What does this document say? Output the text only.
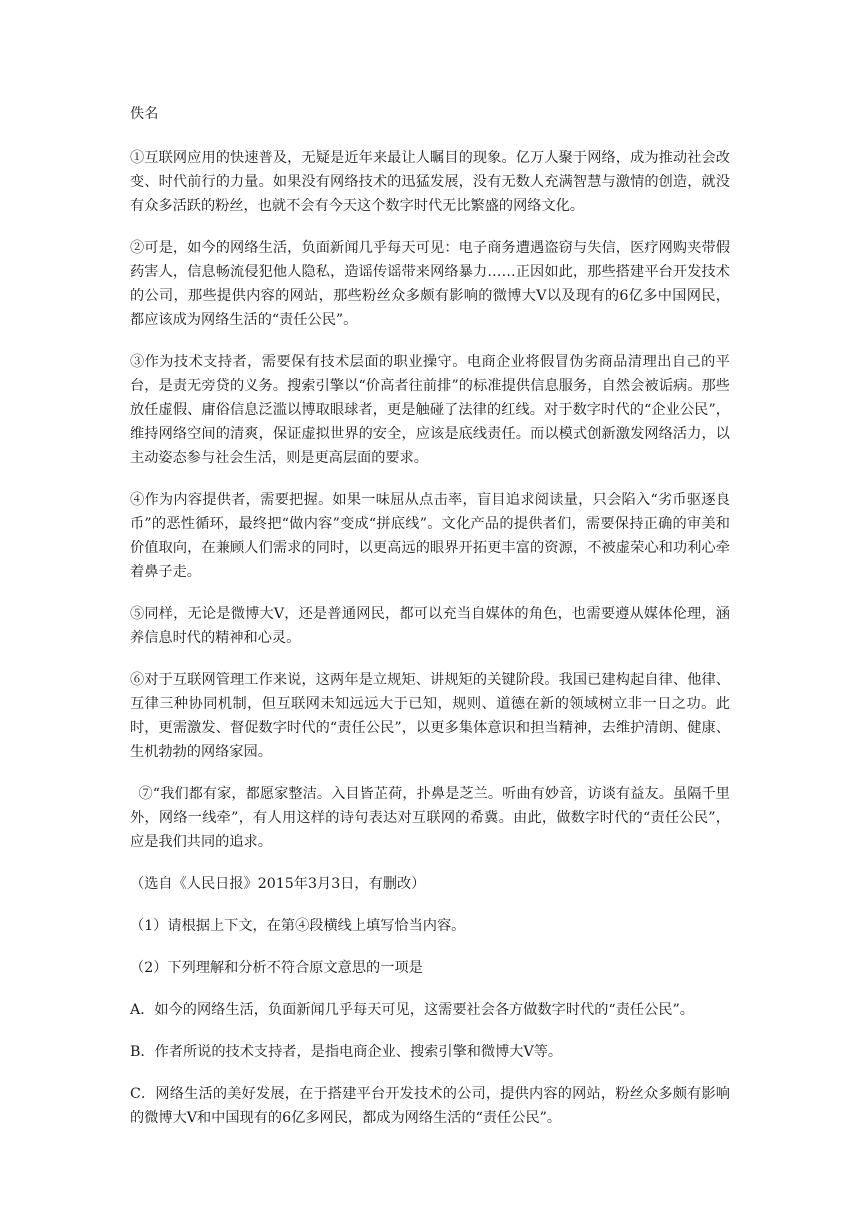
佚名

①互联网应用的快速普及，无疑是近年来最让人瞩目的现象。亿万人聚于网络，成为推动社会改变、时代前行的力量。如果没有网络技术的迅猛发展，没有无数人充满智慧与激情的创造，就没有众多活跃的粉丝，也就不会有今天这个数字时代无比繁盛的网络文化。

②可是，如今的网络生活，负面新闻几乎每天可见：电子商务遭遇盗窃与失信，医疗网购夹带假药害人，信息畅流侵犯他人隐私，造谣传谣带来网络暴力……正因如此，那些搭建平台开发技术的公司，那些提供内容的网站，那些粉丝众多颇有影响的微博大V以及现有的6亿多中国网民，都应该成为网络生活的“责任公民”。

③作为技术支持者，需要保有技术层面的职业操守。电商企业将假冒伪劣商品清理出自己的平台，是责无旁贷的义务。搜索引擎以“价高者往前排”的标准提供信息服务，自然会被诟病。那些放任虚假、庸俗信息泛滥以博取眼球者，更是触碰了法律的红线。对于数字时代的“企业公民”，维持网络空间的清爽，保证虚拟世界的安全，应该是底线责任。而以模式创新激发网络活力，以主动姿态参与社会生活，则是更高层面的要求。

④作为内容提供者，需要把握。如果一味屈从点击率，盲目追求阅读量，只会陷入“劣币驱逐良币”的恶性循环，最终把“做内容”变成“拼底线”。文化产品的提供者们，需要保持正确的审美和价值取向，在兼顾人们需求的同时，以更高远的眼界开拓更丰富的资源，不被虚荣心和功利心牵着鼻子走。

⑤同样，无论是微博大V，还是普通网民，都可以充当自媒体的角色，也需要遵从媒体伦理，涵养信息时代的精神和心灵。

⑥对于互联网管理工作来说，这两年是立规矩、讲规矩的关键阶段。我国已建构起自律、他律、互律三种协同机制，但互联网未知远远大于已知，规则、道德在新的领域树立非一日之功。此时，更需激发、督促数字时代的“责任公民”，以更多集体意识和担当精神，去维护清朗、健康、生机勃勃的网络家园。

⑦“我们都有家，都愿家整洁。入目皆芷荷，扑鼻是芝兰。听曲有妙音，访谈有益友。虽隔千里外，网络一线牵”，有人用这样的诗句表达对互联网的希冀。由此，做数字时代的“责任公民”，应是我们共同的追求。

（选自《人民日报》2015年3月3日，有删改）

（1）请根据上下文，在第④段横线上填写恰当内容。

（2）下列理解和分析不符合原文意思的一项是

A．如今的网络生活，负面新闻几乎每天可见，这需要社会各方做数字时代的“责任公民”。

B．作者所说的技术支持者，是指电商企业、搜索引擎和微博大V等。

C．网络生活的美好发展，在于搭建平台开发技术的公司，提供内容的网站，粉丝众多颇有影响的微博大V和中国现有的6亿多网民，都成为网络生活的“责任公民”。
